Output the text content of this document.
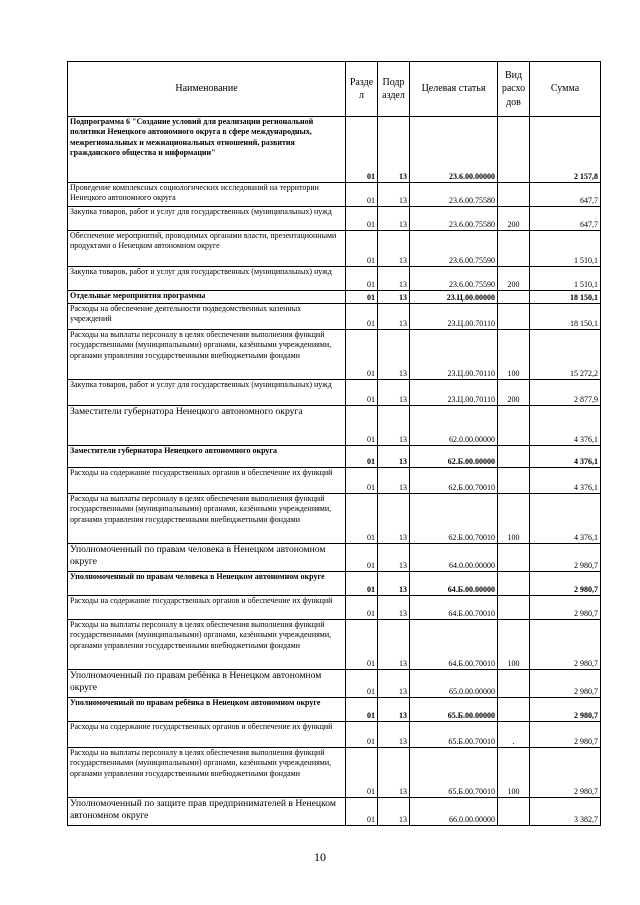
Наименование	Разде л	Подр аздел	Целевая статья	Вид расхо дов	Сумма
Подпрограмма 6 "Создание условий для реализации региональной политики Ненецкого автономного округа в сфере международных, межрегиональных и межнациональных отношений, развития гражданского общества и информации"	01	13	23.6.00.00000		2 157,8
Проведение комплексных социологических исследований на территории Ненецкого автономного округа	01	13	23.6.00.75580		647,7
Закупка товаров, работ и услуг для государственных (муниципальных) нужд	01	13	23.6.00.75580	200	647,7
Обеспечение мероприятий, проводимых органами власти, презентационными продуктами о Ненецком автономном округе	01	13	23.6.00.75590		1 510,1
Закупка товаров, работ и услуг для государственных (муниципальных) нужд	01	13	23.6.00.75590	200	1 510,1
Отдельные мероприятия программы	01	13	23.Ц.00.00000		18 150,1
Расходы на обеспечение деятельности подведомственных казенных учреждений	01	13	23.Ц.00.70110		18 150,1
Расходы на выплаты персоналу в целях обеспечения выполнения функций государственными (муниципальными) органами, казёнными учреждениями, органами управления государственными внебюджетными фондами	01	13	23.Ц.00.70110	100	15 272,2
Закупка товаров, работ и услуг для государственных (муниципальных) нужд	01	13	23.Ц.00.70110	200	2 877,9
Заместители губернатора Ненецкого автономного округа	01	13	62.0.00.00000		4 376,1
Заместители губернатора Ненецкого автономного округа	01	13	62.Б.00.00000		4 376,1
Расходы на содержание государственных органов и обеспечение их функций	01	13	62.Б.00.70010		4 376,1
Расходы на выплаты персоналу в целях обеспечения выполнения функций государственными (муниципальными) органами, казёнными учреждениями, органами управления государственными внебюджетными фондами	01	13	62.Б.00.70010	100	4 376,1
Уполномоченный по правам человека в Ненецком автономном округе	01	13	64.0.00.00000		2 980,7
Уполномоченный по правам человека в Ненецком автономном округе	01	13	64.Б.00.00000		2 980,7
Расходы на содержание государственных органов и обеспечение их функций	01	13	64.Б.00.70010		2 980,7
Расходы на выплаты персоналу в целях обеспечения выполнения функций государственными (муниципальными) органами, казёнными учреждениями, органами управления государственными внебюджетными фондами	01	13	64.Б.00.70010	100	2 980,7
Уполномоченный по правам ребёнка в Ненецком автономном округе	01	13	65.0.00.00000		2 980,7
Уполномоченный по правам ребёнка в Ненецком автономном округе	01	13	65.Б.00.00000		2 980,7
Расходы на содержание государственных органов и обеспечение их функций	01	13	65.Б.00.70010	.	2 980,7
Расходы на выплаты персоналу в целях обеспечения выполнения функций государственными (муниципальными) органами, казёнными учреждениями, органами управления государственными внебюджетными фондами	01	13	65.Б.00.70010	100	2 980,7
Уполномоченный по защите прав предпринимателей в Ненецком автономном округе	01	13	66.0.00.00000		3 382,7
10
